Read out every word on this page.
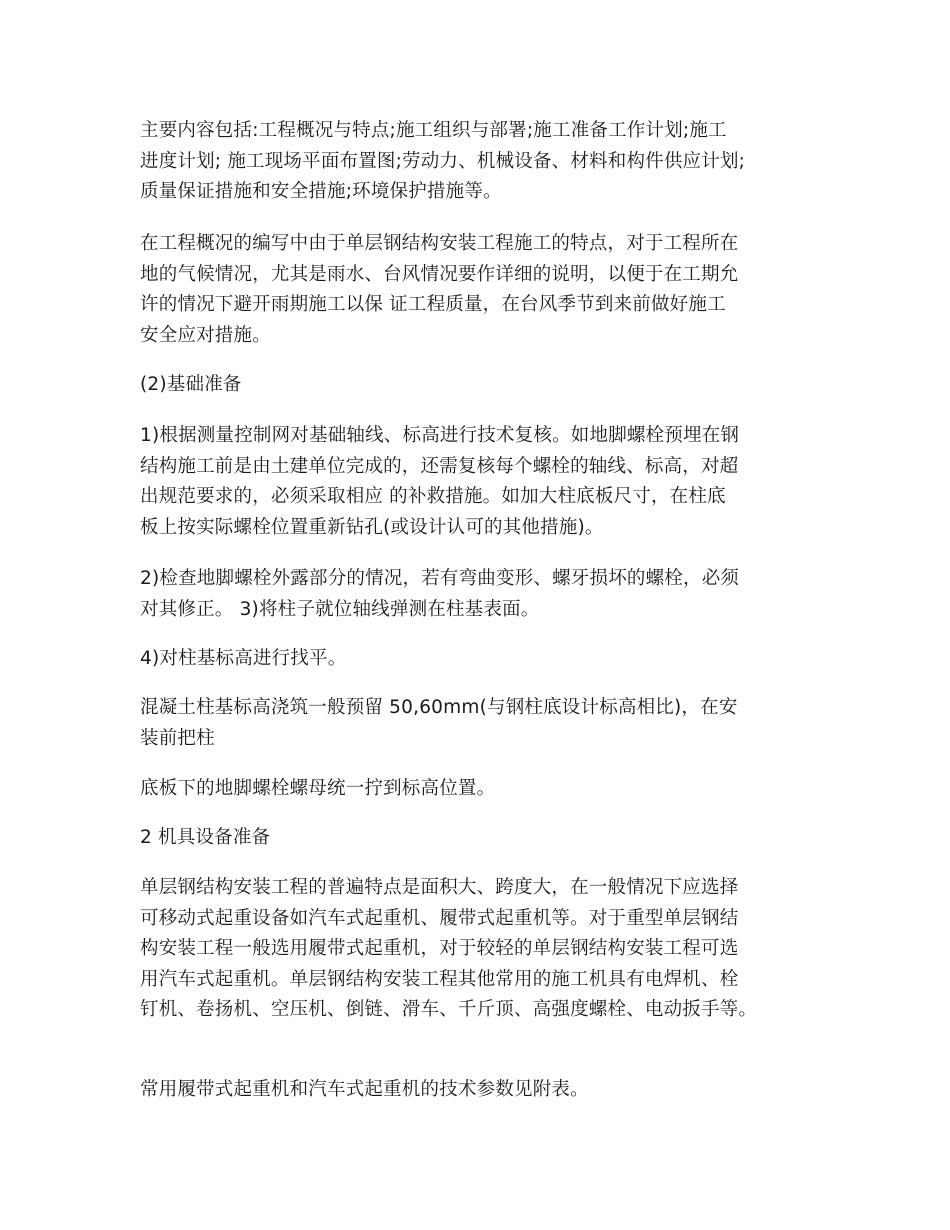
主要内容包括:工程概况与特点;施工组织与部署;施工准备工作计划;施工
进度计划; 施工现场平面布置图;劳动力、机械设备、材料和构件供应计划;
质量保证措施和安全措施;环境保护措施等。
在工程概况的编写中由于单层钢结构安装工程施工的特点，对于工程所在
地的气候情况，尤其是雨水、台风情况要作详细的说明，以便于在工期允
许的情况下避开雨期施工以保 证工程质量，在台风季节到来前做好施工
安全应对措施。
(2)基础准备
1)根据测量控制网对基础轴线、标高进行技术复核。如地脚螺栓预埋在钢
结构施工前是由土建单位完成的，还需复核每个螺栓的轴线、标高，对超
出规范要求的，必须采取相应 的补救措施。如加大柱底板尺寸，在柱底
板上按实际螺栓位置重新钻孔(或设计认可的其他措施)。
2)检查地脚螺栓外露部分的情况，若有弯曲变形、螺牙损坏的螺栓，必须
对其修正。 3)将柱子就位轴线弹测在柱基表面。
4)对柱基标高进行找平。
混凝土柱基标高浇筑一般预留 50,60mm(与钢柱底设计标高相比)，在安
装前把柱
底板下的地脚螺栓螺母统一拧到标高位置。
2 机具设备准备
单层钢结构安装工程的普遍特点是面积大、跨度大，在一般情况下应选择
可移动式起重设备如汽车式起重机、履带式起重机等。对于重型单层钢结
构安装工程一般选用履带式起重机，对于较轻的单层钢结构安装工程可选
用汽车式起重机。单层钢结构安装工程其他常用的施工机具有电焊机、栓
钉机、卷扬机、空压机、倒链、滑车、千斤顶、高强度螺栓、电动扳手等。
常用履带式起重机和汽车式起重机的技术参数见附表。
